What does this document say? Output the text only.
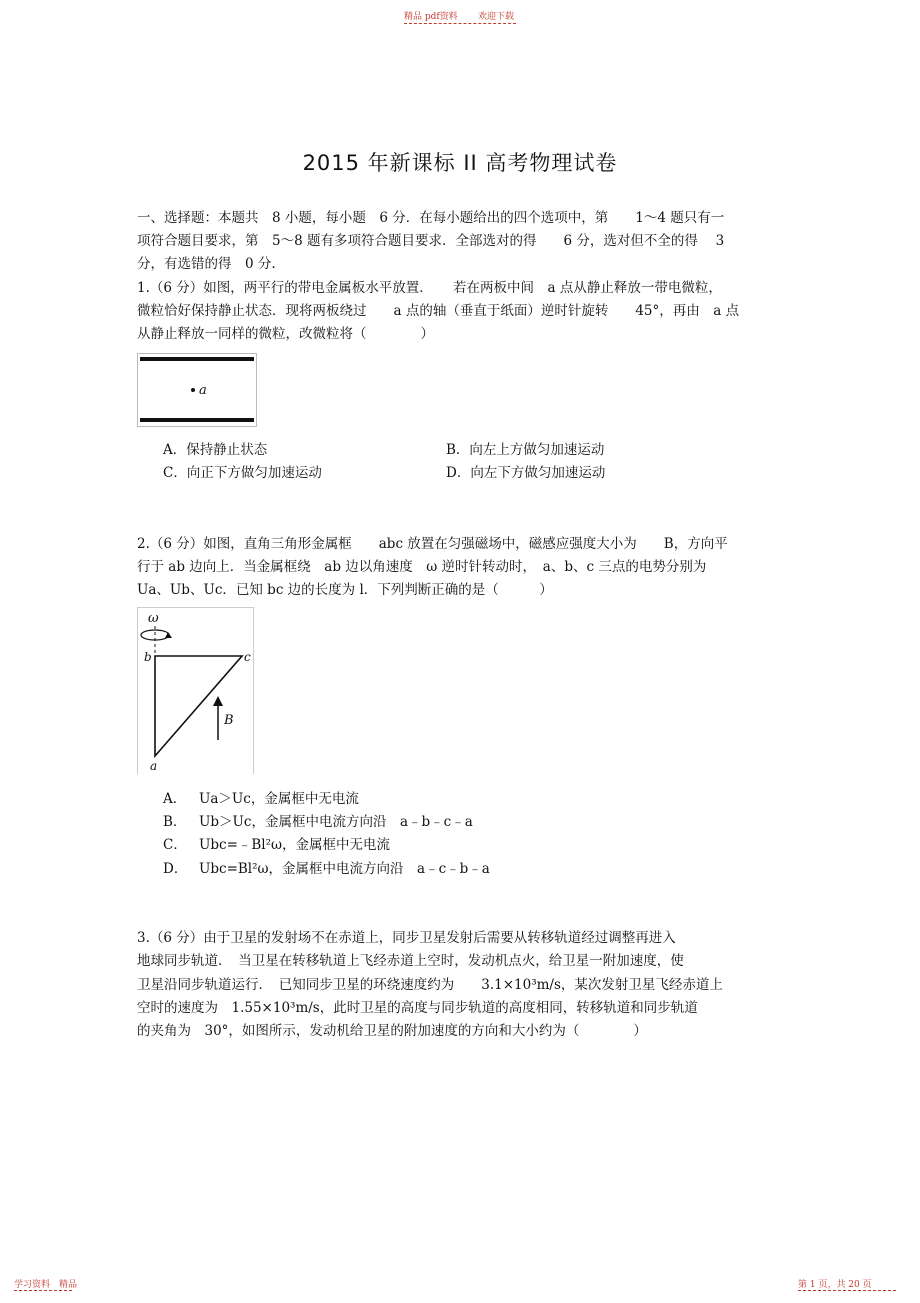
精品 pdf资料 欢迎下载
2015 年新课标 II 高考物理试卷
一、选择题：本题共　8 小题，每小题　6 分．在每小题给出的四个选项中，第　　1～4 题只有一
项符合题目要求，第　5～8 题有多项符合题目要求．全部选对的得　　6 分，选对但不全的得　 3
分，有选错的得　0 分.
1.（6 分）如图，两平行的带电金属板水平放置．　　若在两板中间　a 点从静止释放一带电微粒，
微粒恰好保持静止状态．现将两板绕过　　a 点的轴（垂直于纸面）逆时针旋转　　45°，再由　a 点
从静止释放一同样的微粒，改微粒将（　　　　）
a
A．保持静止状态	B．向左上方做匀加速运动
C．向正下方做匀加速运动	D．向左下方做匀加速运动
2.（6 分）如图，直角三角形金属框　　abc 放置在匀强磁场中，磁感应强度大小为　　B，方向平
行于 ab 边向上．当金属框绕　ab 边以角速度　ω 逆时针转动时，　a、b、c 三点的电势分别为
Ua、Ub、Uc．已知 bc 边的长度为 l．下列判断正确的是（　　　）
ω
b	c
a
B
A． Ua＞Uc，金属框中无电流
B． Ub＞Uc，金属框中电流方向沿　a﹣b﹣c﹣a
C． Ubc=﹣Bl²ω，金属框中无电流
D． Ubc=Bl²ω，金属框中电流方向沿　a﹣c﹣b﹣a
3.（6 分）由于卫星的发射场不在赤道上，同步卫星发射后需要从转移轨道经过调整再进入
地球同步轨道．　当卫星在转移轨道上飞经赤道上空时，发动机点火，给卫星一附加速度，使
卫星沿同步轨道运行．　已知同步卫星的环绕速度约为　　3.1×10³m/s，某次发射卫星飞经赤道上
空时的速度为　1.55×10³m/s，此时卫星的高度与同步轨道的高度相同，转移轨道和同步轨道
的夹角为　30°，如图所示，发动机给卫星的附加速度的方向和大小约为（　　　　）
学习资料　精品	第 1 页，共 20 页
